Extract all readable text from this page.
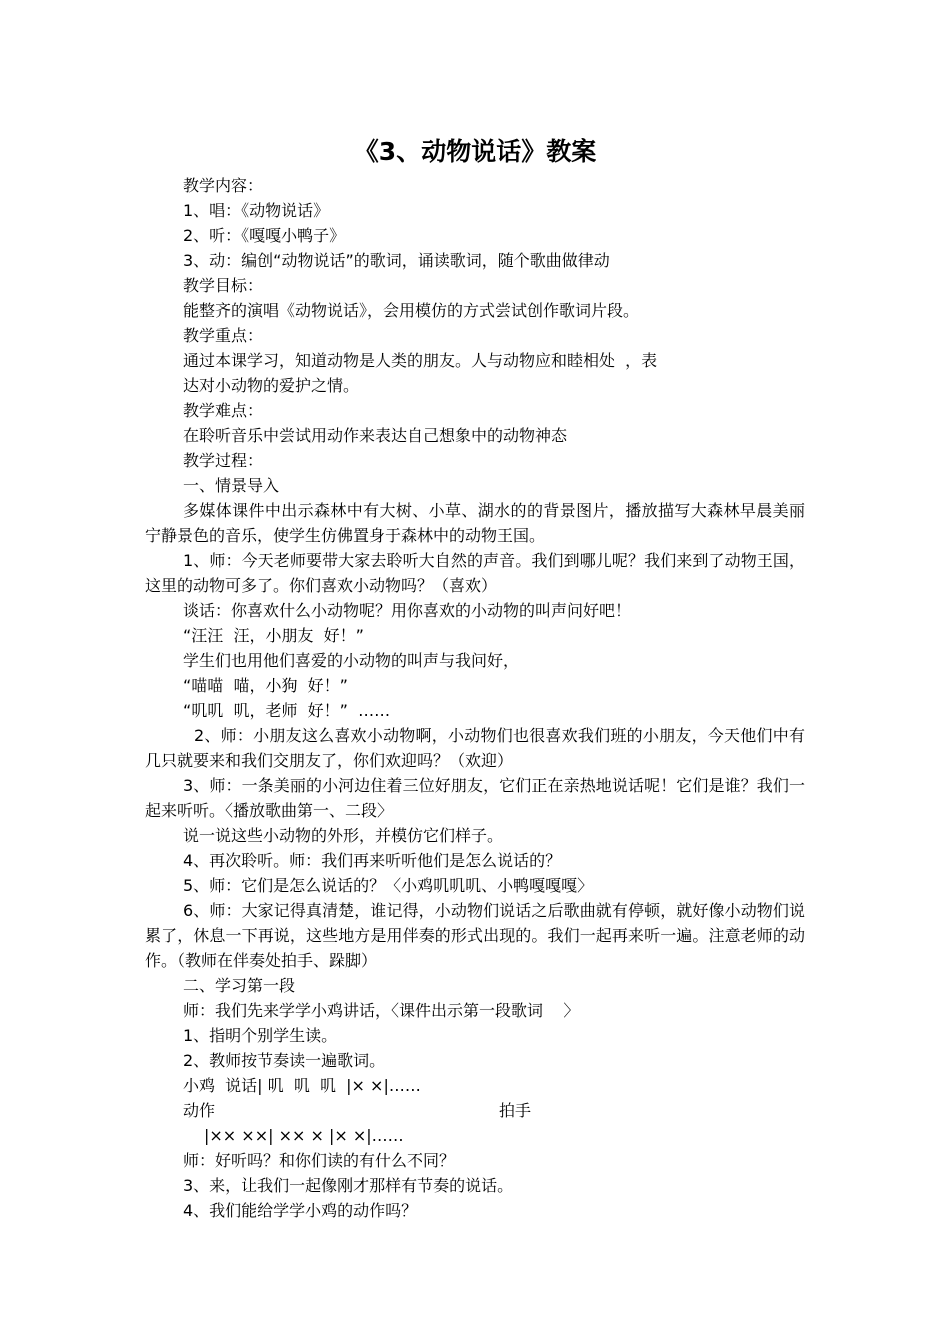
《3、动物说话》教案

教学内容：

1、唱：《动物说话》

2、听：《嘎嘎小鸭子》

3、动：编创“动物说话”的歌词，诵读歌词，随个歌曲做律动

教学目标：

能整齐的演唱《动物说话》，会用模仿的方式尝试创作歌词片段。

教学重点：

通过本课学习，知道动物是人类的朋友。人与动物应和睦相处  ，表

达对小动物的爱护之情。

教学难点：

在聆听音乐中尝试用动作来表达自己想象中的动物神态

教学过程：

一、情景导入

多媒体课件中出示森林中有大树、小草、湖水的的背景图片，播放描写大森林早晨美丽宁静景色的音乐，使学生仿佛置身于森林中的动物王国。

1、师：今天老师要带大家去聆听大自然的声音。我们到哪儿呢？我们来到了动物王国，这里的动物可多了。你们喜欢小动物吗？（喜欢）

谈话：你喜欢什么小动物呢？用你喜欢的小动物的叫声问好吧！

“汪汪  汪，小朋友  好！”

学生们也用他们喜爱的小动物的叫声与我问好，

“喵喵  喵，小狗  好！”

“叽叽  叽，老师  好！”  ……

2、师：小朋友这么喜欢小动物啊，小动物们也很喜欢我们班的小朋友，今天他们中有几只就要来和我们交朋友了，你们欢迎吗？（欢迎）

3、师：一条美丽的小河边住着三位好朋友，它们正在亲热地说话呢！它们是谁？我们一起来听听。〈播放歌曲第一、二段〉

说一说这些小动物的外形，并模仿它们样子。

4、再次聆听。师：我们再来听听他们是怎么说话的？

5、师：它们是怎么说话的？〈小鸡叽叽叽、小鸭嘎嘎嘎〉

6、师：大家记得真清楚，谁记得，小动物们说话之后歌曲就有停顿，就好像小动物们说累了，休息一下再说，这些地方是用伴奏的形式出现的。我们一起再来听一遍。注意老师的动作。（教师在伴奏处拍手、跺脚）

二、学习第一段

师：我们先来学学小鸡讲话，〈课件出示第一段歌词    〉

1、指明个别学生读。

2、教师按节奏读一遍歌词。

小鸡  说话| 叽  叽  叽  |× ×|……

动作	拍手

|×× ××| ×× × |× ×|……

师：好听吗？和你们读的有什么不同？

3、来，让我们一起像刚才那样有节奏的说话。

4、我们能给学学小鸡的动作吗？
